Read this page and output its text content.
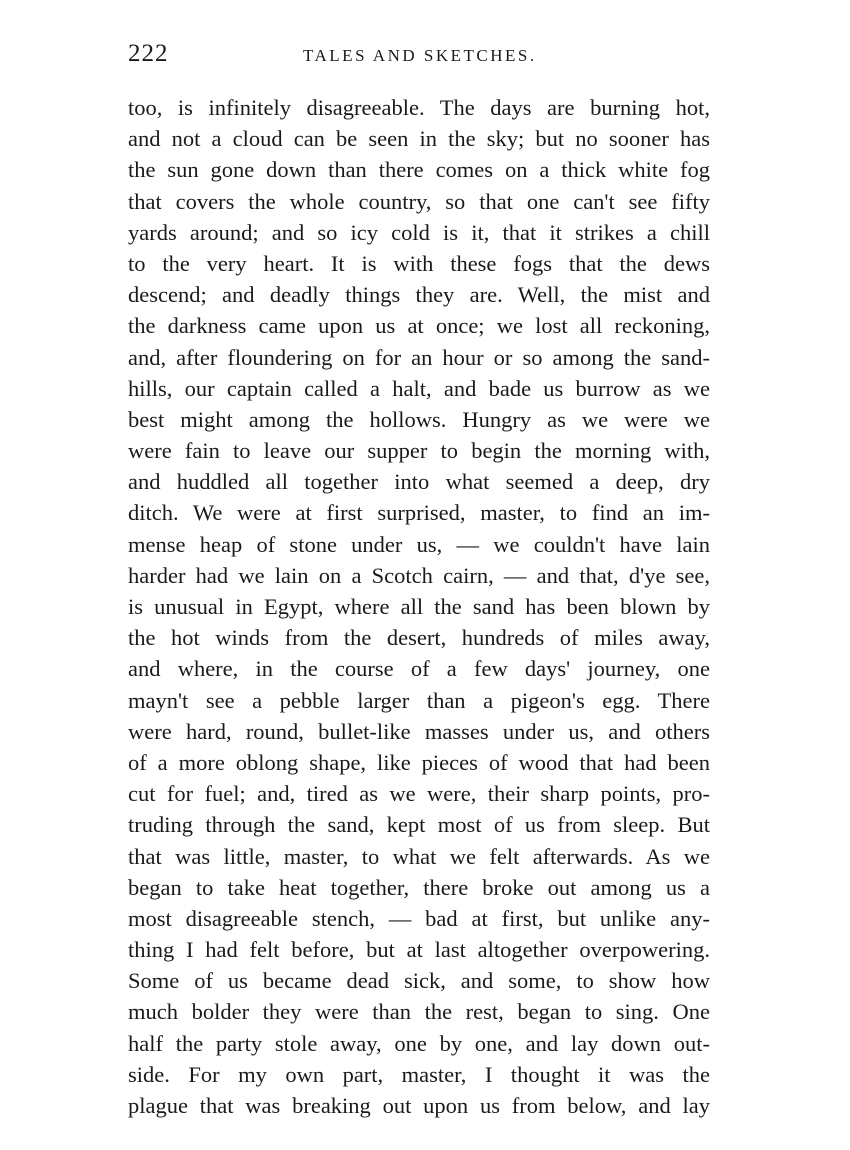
222	TALES AND SKETCHES.
too, is infinitely disagreeable. The days are burning hot,
and not a cloud can be seen in the sky; but no sooner has
the sun gone down than there comes on a thick white fog
that covers the whole country, so that one can't see fifty
yards around; and so icy cold is it, that it strikes a chill
to the very heart. It is with these fogs that the dews
descend; and deadly things they are. Well, the mist and
the darkness came upon us at once; we lost all reckoning,
and, after floundering on for an hour or so among the sand-
hills, our captain called a halt, and bade us burrow as we
best might among the hollows. Hungry as we were we
were fain to leave our supper to begin the morning with,
and huddled all together into what seemed a deep, dry
ditch. We were at first surprised, master, to find an im-
mense heap of stone under us, — we couldn't have lain
harder had we lain on a Scotch cairn, — and that, d'ye see,
is unusual in Egypt, where all the sand has been blown by
the hot winds from the desert, hundreds of miles away,
and where, in the course of a few days' journey, one
mayn't see a pebble larger than a pigeon's egg. There
were hard, round, bullet-like masses under us, and others
of a more oblong shape, like pieces of wood that had been
cut for fuel; and, tired as we were, their sharp points, pro-
truding through the sand, kept most of us from sleep. But
that was little, master, to what we felt afterwards. As we
began to take heat together, there broke out among us a
most disagreeable stench, — bad at first, but unlike any-
thing I had felt before, but at last altogether overpowering.
Some of us became dead sick, and some, to show how
much bolder they were than the rest, began to sing. One
half the party stole away, one by one, and lay down out-
side. For my own part, master, I thought it was the
plague that was breaking out upon us from below, and lay
